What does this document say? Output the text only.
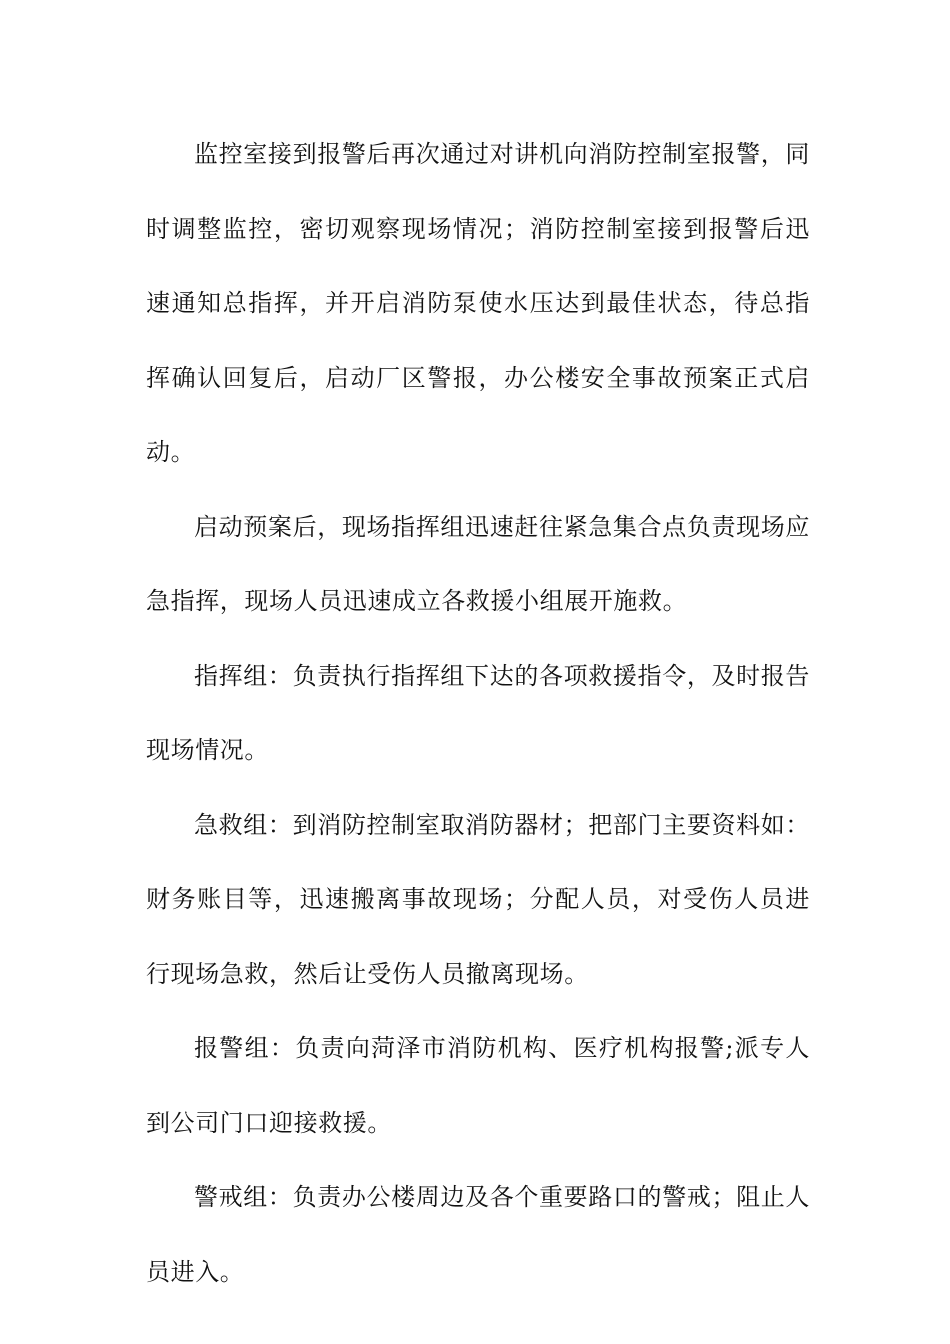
监控室接到报警后再次通过对讲机向消防控制室报警，同时调整监控，密切观察现场情况；消防控制室接到报警后迅速通知总指挥，并开启消防泵使水压达到最佳状态，待总指挥确认回复后，启动厂区警报，办公楼安全事故预案正式启动。

启动预案后，现场指挥组迅速赶往紧急集合点负责现场应急指挥，现场人员迅速成立各救援小组展开施救。

指挥组：负责执行指挥组下达的各项救援指令，及时报告现场情况。

急救组：到消防控制室取消防器材；把部门主要资料如：财务账目等，迅速搬离事故现场；分配人员，对受伤人员进行现场急救，然后让受伤人员撤离现场。

报警组：负责向菏泽市消防机构、医疗机构报警;派专人到公司门口迎接救援。

警戒组：负责办公楼周边及各个重要路口的警戒；阻止人员进入。
